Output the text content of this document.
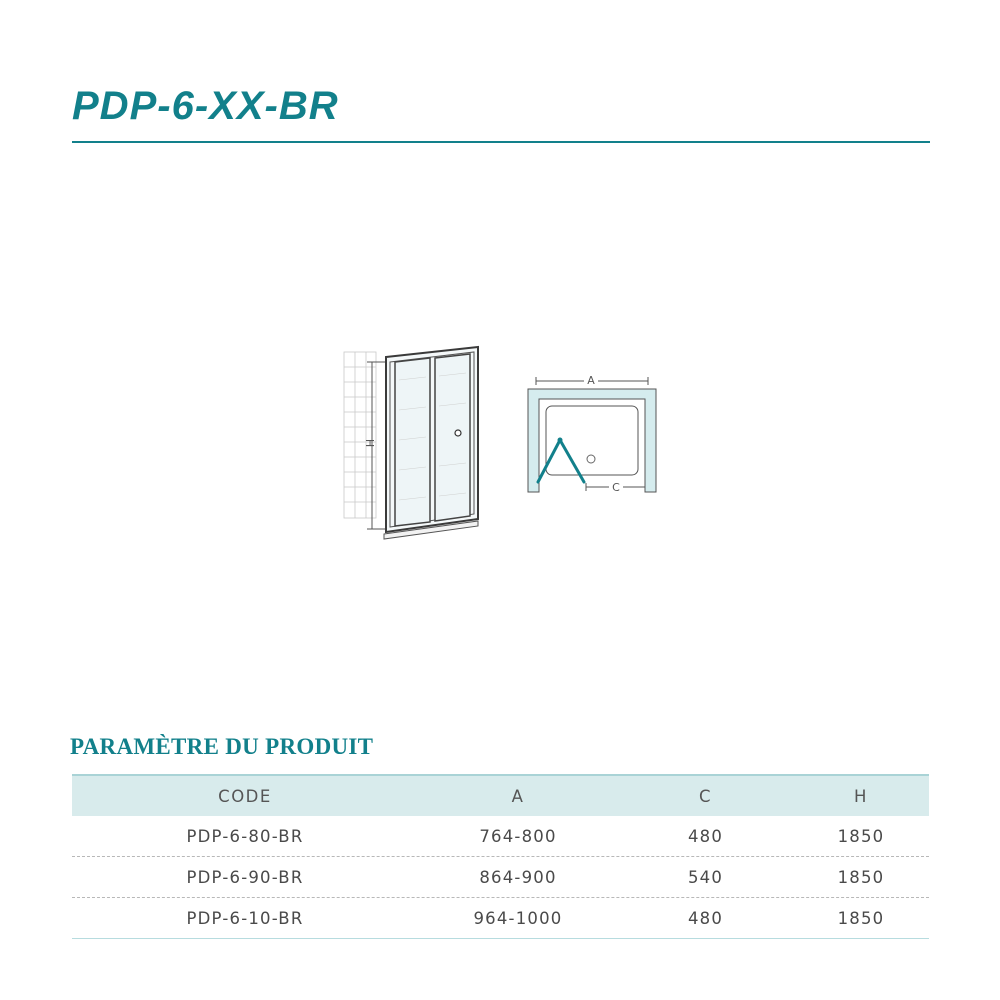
PDP-6-XX-BR
H
A
C
PARAMÈTRE DU PRODUIT
CODE	A	C	H
PDP-6-80-BR	764-800	480	1850
PDP-6-90-BR	864-900	540	1850
PDP-6-10-BR	964-1000	480	1850
